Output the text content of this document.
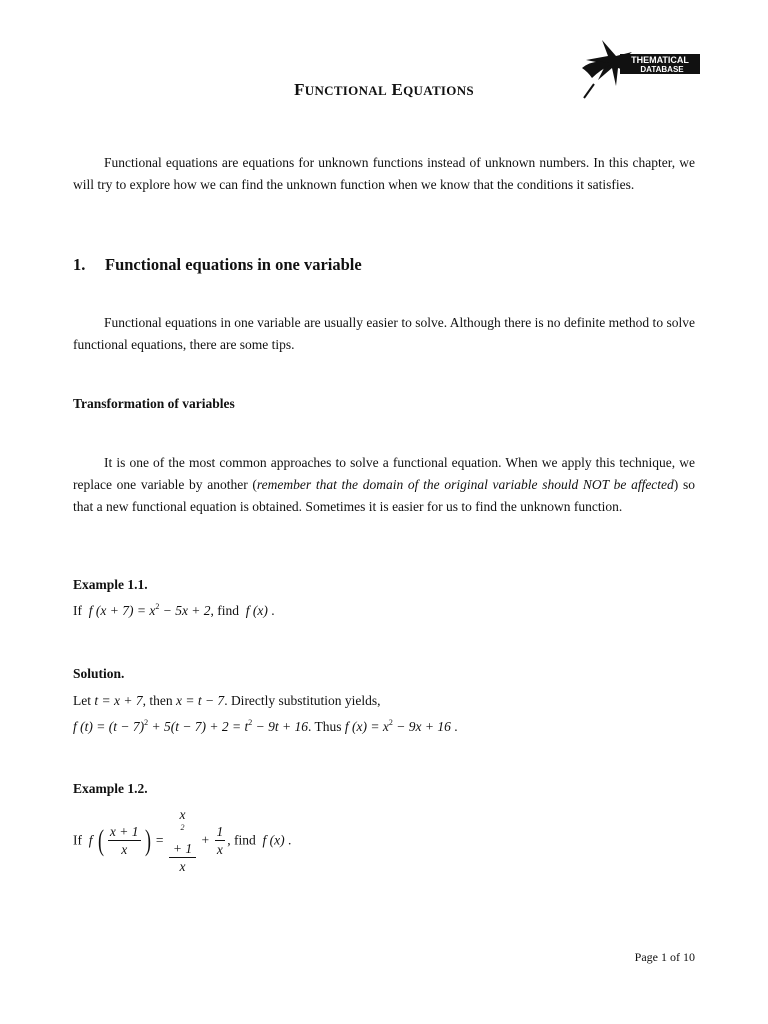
THEMATICAL
DATABASE
FUNCTIONAL EQUATIONS

Functional equations are equations for unknown functions instead of unknown numbers. In this chapter, we will try to explore how we can find the unknown function when we know that the conditions it satisfies.

1. Functional equations in one variable

Functional equations in one variable are usually easier to solve. Although there is no definite method to solve functional equations, there are some tips.

Transformation of variables

It is one of the most common approaches to solve a functional equation. When we apply this technique, we replace one variable by another (remember that the domain of the original variable should NOT be affected) so that a new functional equation is obtained. Sometimes it is easier for us to find the unknown function.

Example 1.1.
If f $(x + 7) = x^2 - 5x + 2$, find f (x) .
Solution.
Let t = x + 7, then x = t − 7. Directly substitution yields,
f $(t) = (t - 7)^2 + 5(t - 7) + 2 = t^2 - 9t + 16$. Thus f $(x) = x^2 - 9x + 16$ .
Example 1.2.
If f ( $\frac{x + 1}{x}$ ) = x
$^2$
+ 1
$x + \frac{1}{x}$ , find f (x) .
Page 1 of 10
